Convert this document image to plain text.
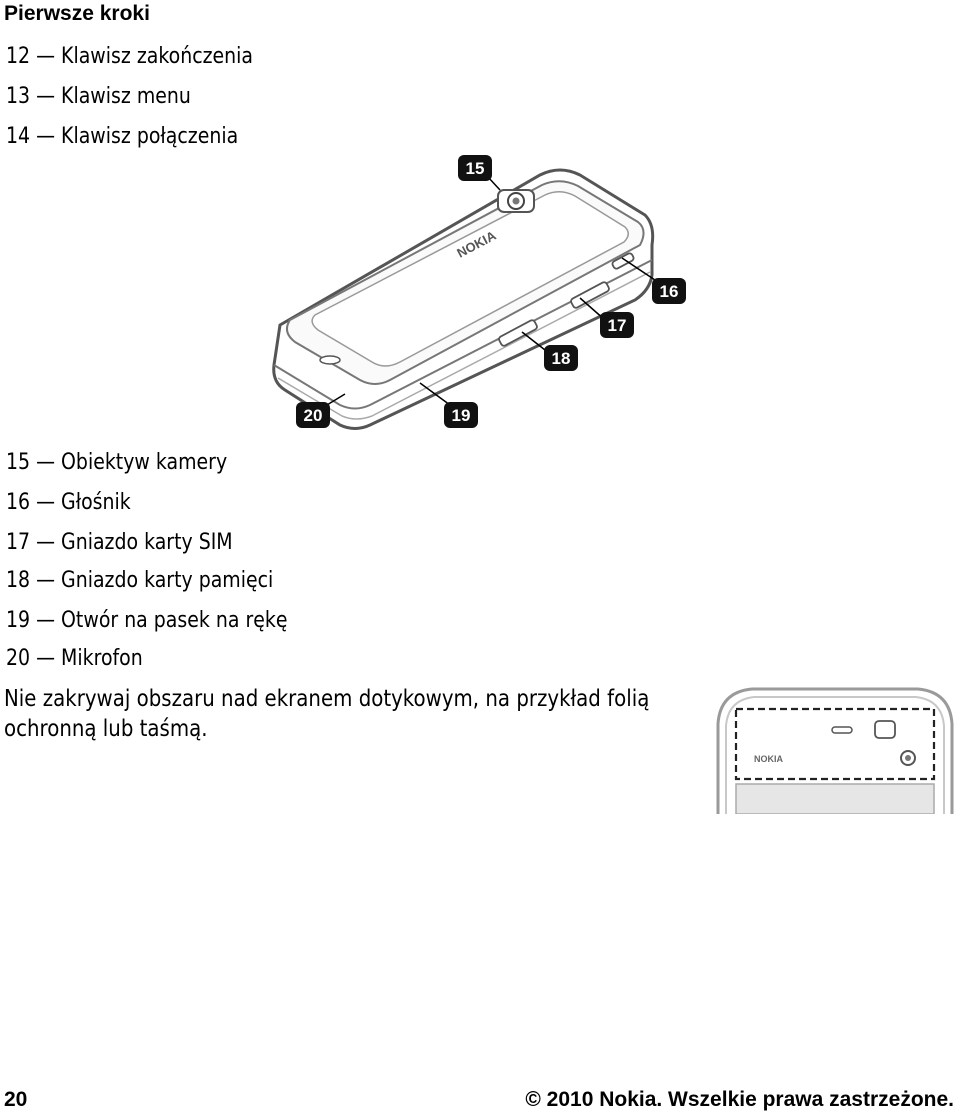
Pierwsze kroki
12 — Klawisz zakończenia
13 — Klawisz menu
14 — Klawisz połączenia
NOKIA
15
16
17
18
19
20
15 — Obiektyw kamery
16 — Głośnik
17 — Gniazdo karty SIM
18 — Gniazdo karty pamięci
19 — Otwór na pasek na rękę
20 — Mikrofon
Nie zakrywaj obszaru nad ekranem dotykowym, na przykład folią ochronną lub taśmą.
NOKIA
20	© 2010 Nokia. Wszelkie prawa zastrzeżone.
